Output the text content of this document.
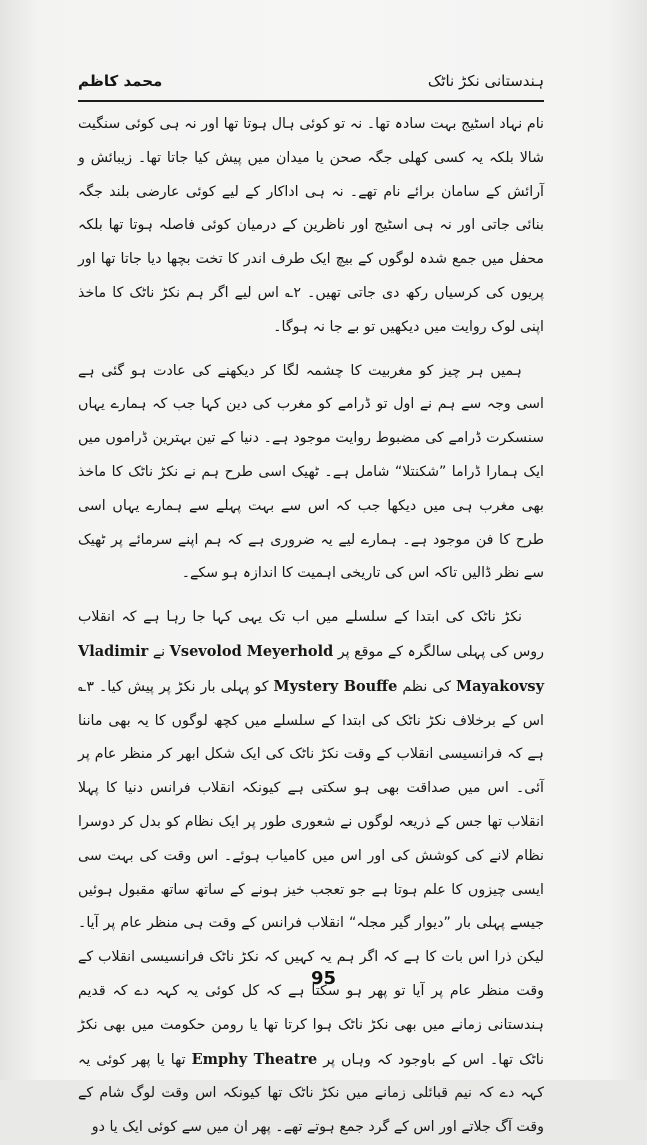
محمد کاظم	ہندستانی نکڑ ناٹک

نام نہاد اسٹیج بہت سادہ تھا۔ نہ تو کوئی ہال ہوتا تھا اور نہ ہی کوئی سنگیت شالا بلکہ یہ کسی کھلی جگہ صحن یا میدان میں پیش کیا جاتا تھا۔ زیبائش و آرائش کے سامان برائے نام تھے۔ نہ ہی اداکار کے لیے کوئی عارضی بلند جگہ بنائی جاتی اور نہ ہی اسٹیج اور ناظرین کے درمیان کوئی فاصلہ ہوتا تھا بلکہ محفل میں جمع شدہ لوگوں کے بیچ ایک طرف اندر کا تخت بچھا دیا جاتا تھا اور پریوں کی کرسیاں رکھ دی جاتی تھیں۔ ۲؎ اس لیے اگر ہم نکڑ ناٹک کا ماخذ اپنی لوک روایت میں دیکھیں تو بے جا نہ ہوگا۔

ہمیں ہر چیز کو مغربیت کا چشمہ لگا کر دیکھنے کی عادت ہو گئی ہے اسی وجہ سے ہم نے اول تو ڈرامے کو مغرب کی دین کہا جب کہ ہمارے یہاں سنسکرت ڈرامے کی مضبوط روایت موجود ہے۔ دنیا کے تین بہترین ڈراموں میں ایک ہمارا ڈراما ”شکنتلا“ شامل ہے۔ ٹھیک اسی طرح ہم نے نکڑ ناٹک کا ماخذ بھی مغرب ہی میں دیکھا جب کہ اس سے بہت پہلے سے ہمارے یہاں اسی طرح کا فن موجود ہے۔ ہمارے لیے یہ ضروری ہے کہ ہم اپنے سرمائے پر ٹھیک سے نظر ڈالیں تاکہ اس کی تاریخی اہمیت کا اندازہ ہو سکے۔

نکڑ ناٹک کی ابتدا کے سلسلے میں اب تک یہی کہا جا رہا ہے کہ انقلاب روس کی پہلی سالگرہ کے موقع پر Vsevolod Meyerhold نے Vladimir Mayakovsy کی نظم Mystery Bouffe کو پہلی بار نکڑ پر پیش کیا۔ ۳؎ اس کے برخلاف نکڑ ناٹک کی ابتدا کے سلسلے میں کچھ لوگوں کا یہ بھی ماننا ہے کہ فرانسیسی انقلاب کے وقت نکڑ ناٹک کی ایک شکل ابھر کر منظر عام پر آئی۔ اس میں صداقت بھی ہو سکتی ہے کیونکہ انقلاب فرانس دنیا کا پہلا انقلاب تھا جس کے ذریعہ لوگوں نے شعوری طور پر ایک نظام کو بدل کر دوسرا نظام لانے کی کوشش کی اور اس میں کامیاب ہوئے۔ اس وقت کی بہت سی ایسی چیزوں کا علم ہوتا ہے جو تعجب خیز ہونے کے ساتھ ساتھ مقبول ہوئیں جیسے پہلی بار ”دیوار گیر مجلہ“ انقلاب فرانس کے وقت ہی منظر عام پر آیا۔ لیکن ذرا اس بات کا ہے کہ اگر ہم یہ کہیں کہ نکڑ ناٹک فرانسیسی انقلاب کے وقت منظر عام پر آیا تو پھر ہو سکتا ہے کہ کل کوئی یہ کہہ دے کہ قدیم ہندستانی زمانے میں بھی نکڑ ناٹک ہوا کرتا تھا یا رومن حکومت میں بھی نکڑ ناٹک تھا۔ اس کے باوجود کہ وہاں پر Emphy Theatre تھا یا پھر کوئی یہ کہہ دے کہ نیم قبائلی زمانے میں نکڑ ناٹک تھا کیونکہ اس وقت لوگ شام کے وقت آگ جلاتے اور اس کے گرد جمع ہوتے تھے۔ پھر ان میں سے کوئی ایک یا دو

95
